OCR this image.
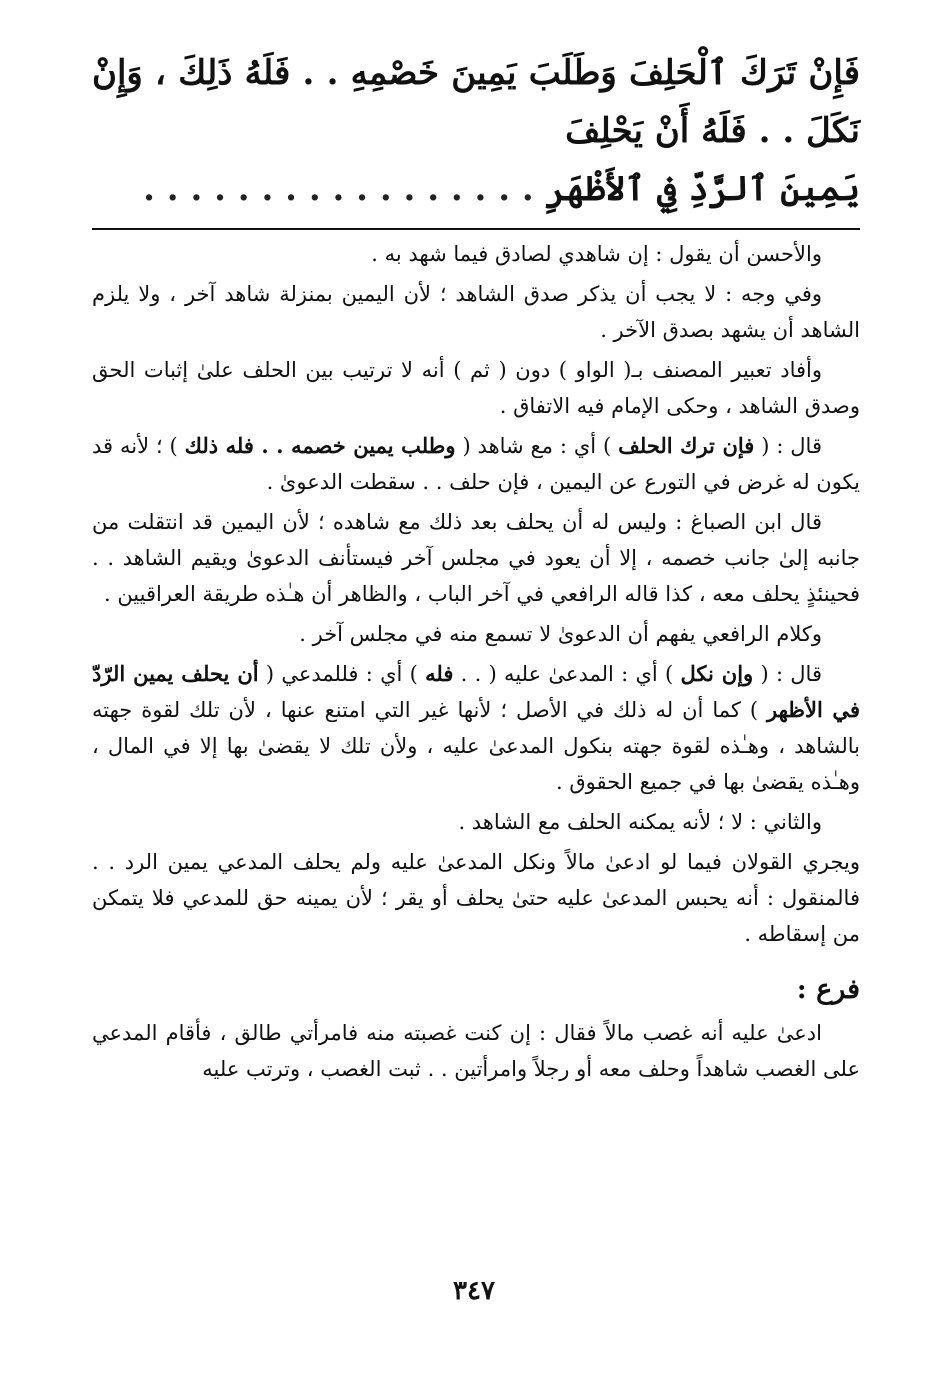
فَإِنْ تَرَكَ ٱلْحَلِفَ وَطَلَبَ يَمِينَ خَصْمِهِ . . فَلَهُ ذَلِكَ ، وَإِنْ نَكَلَ . . فَلَهُ أَنْ يَحْلِفَ
يَمِينَ ٱلرَّدِّ فِي ٱلأَظْهَرِ . . . . . . . . . . . . . . . . .

والأحسن أن يقول : إن شاهدي لصادق فيما شهد به .

وفي وجه : لا يجب أن يذكر صدق الشاهد ؛ لأن اليمين بمنزلة شاهد آخر ، ولا يلزم الشاهد أن يشهد بصدق الآخر .

وأفاد تعبير المصنف بـ( الواو ) دون ( ثم ) أنه لا ترتيب بين الحلف علىٰ إثبات الحق وصدق الشاهد ، وحكى الإمام فيه الاتفاق .

قال : ( فإن ترك الحلف ) أي : مع شاهد ( وطلب يمين خصمه . . فله ذلك ) ؛ لأنه قد يكون له غرض في التورع عن اليمين ، فإن حلف . . سقطت الدعوىٰ .

قال ابن الصباغ : وليس له أن يحلف بعد ذلك مع شاهده ؛ لأن اليمين قد انتقلت من جانبه إلىٰ جانب خصمه ، إلا أن يعود في مجلس آخر فيستأنف الدعوىٰ ويقيم الشاهد . . فحينئذٍ يحلف معه ، كذا قاله الرافعي في آخر الباب ، والظاهر أن هـٰذه طريقة العراقيين .

وكلام الرافعي يفهم أن الدعوىٰ لا تسمع منه في مجلس آخر .

قال : ( وإن نكل ) أي : المدعىٰ عليه ( . . فله ) أي : فللمدعي ( أن يحلف يمين الرّدّ في الأظهر ) كما أن له ذلك في الأصل ؛ لأنها غير التي امتنع عنها ، لأن تلك لقوة جهته بالشاهد ، وهـٰذه لقوة جهته بنكول المدعىٰ عليه ، ولأن تلك لا يقضىٰ بها إلا في المال ، وهـٰذه يقضىٰ بها في جميع الحقوق .

والثاني : لا ؛ لأنه يمكنه الحلف مع الشاهد .

ويجري القولان فيما لو ادعىٰ مالاً ونكل المدعىٰ عليه ولم يحلف المدعي يمين الرد . . فالمنقول : أنه يحبس المدعىٰ عليه حتىٰ يحلف أو يقر ؛ لأن يمينه حق للمدعي فلا يتمكن من إسقاطه .

فرع :

ادعىٰ عليه أنه غصب مالاً فقال : إن كنت غصبته منه فامرأتي طالق ، فأقام المدعي على الغصب شاهداً وحلف معه أو رجلاً وامرأتين . . ثبت الغصب ، وترتب عليه

٣٤٧
